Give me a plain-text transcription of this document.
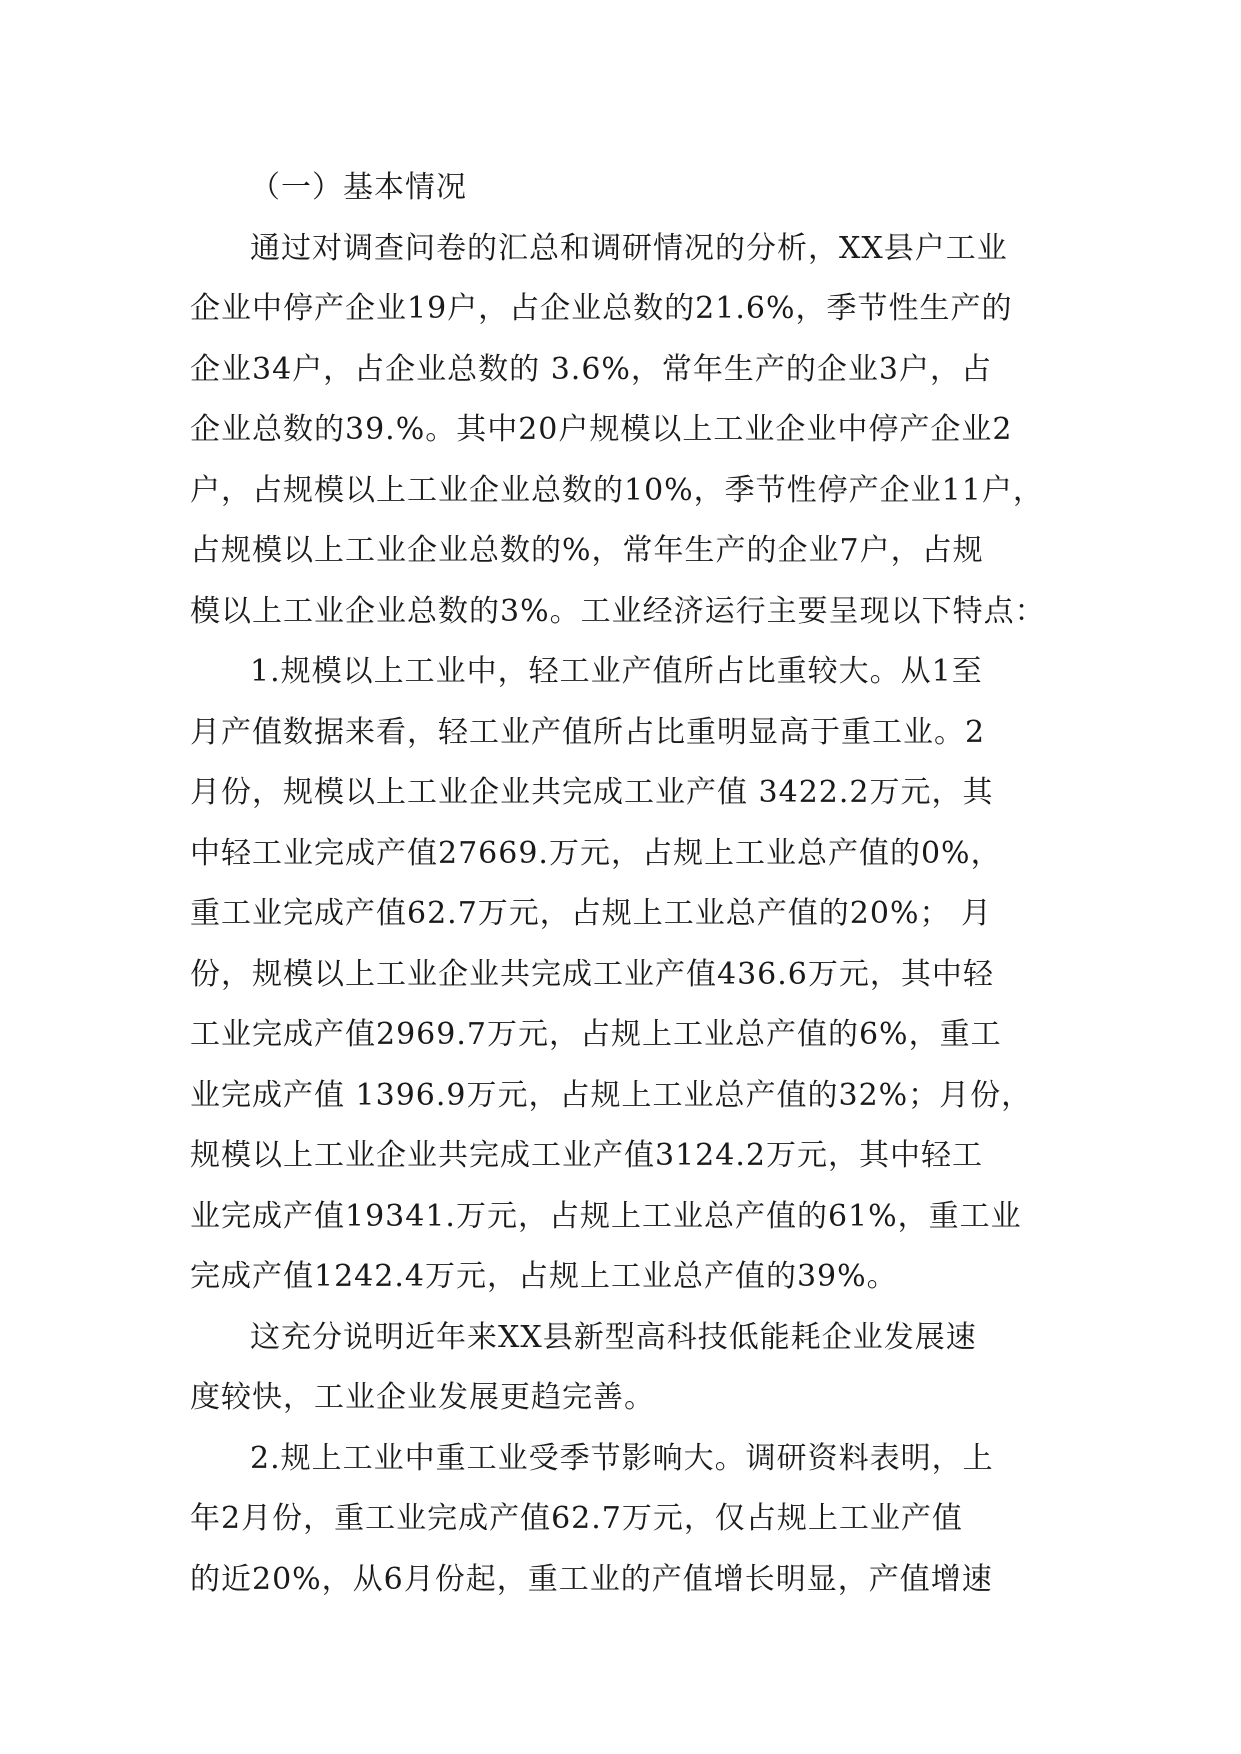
（一）基本情况
通过对调查问卷的汇总和调研情况的分析，XX县户工业
企业中停产企业19户，占企业总数的21.6%，季节性生产的
企业34户，占企业总数的 3.6%，常年生产的企业3户，占
企业总数的39.%。其中20户规模以上工业企业中停产企业2
户，占规模以上工业企业总数的10%，季节性停产企业11户，
占规模以上工业企业总数的%，常年生产的企业7户，占规
模以上工业企业总数的3%。工业经济运行主要呈现以下特点：
1.规模以上工业中，轻工业产值所占比重较大。从1至
月产值数据来看，轻工业产值所占比重明显高于重工业。2
月份，规模以上工业企业共完成工业产值 3422.2万元，其
中轻工业完成产值27669.万元，占规上工业总产值的0%，
重工业完成产值62.7万元，占规上工业总产值的20%； 月
份，规模以上工业企业共完成工业产值436.6万元，其中轻
工业完成产值2969.7万元，占规上工业总产值的6%，重工
业完成产值 1396.9万元，占规上工业总产值的32%；月份，
规模以上工业企业共完成工业产值3124.2万元，其中轻工
业完成产值19341.万元，占规上工业总产值的61%，重工业
完成产值1242.4万元，占规上工业总产值的39%。
这充分说明近年来XX县新型高科技低能耗企业发展速
度较快，工业企业发展更趋完善。
2.规上工业中重工业受季节影响大。调研资料表明，上
年2月份，重工业完成产值62.7万元，仅占规上工业产值
的近20%，从6月份起，重工业的产值增长明显，产值增速
